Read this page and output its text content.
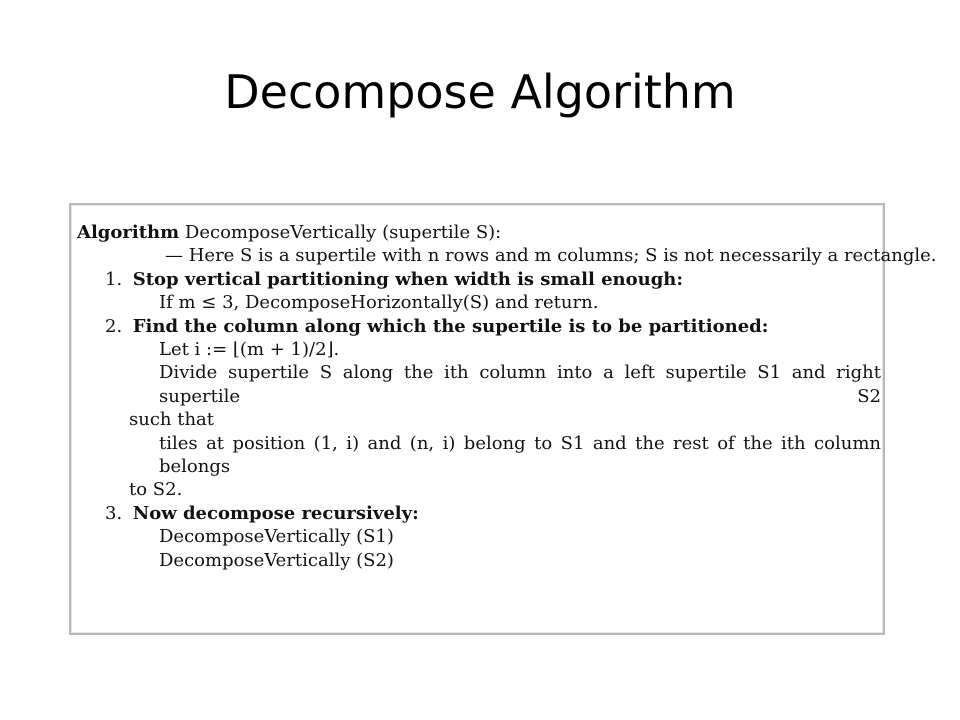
Decompose Algorithm
Algorithm DecomposeVertically (supertile S):
— Here S is a supertile with n rows and m columns; S is not necessarily a rectangle.
1. Stop vertical partitioning when width is small enough:
If m ≤ 3, DecomposeHorizontally(S) and return.
2. Find the column along which the supertile is to be partitioned:
Let i := ⌊(m + 1)/2⌋.
Divide supertile S along the ith column into a left supertile S1 and right supertile S2
such that
tiles at position (1, i) and (n, i) belong to S1 and the rest of the ith column belongs
to S2.
3. Now decompose recursively:
DecomposeVertically (S1)
DecomposeVertically (S2)
